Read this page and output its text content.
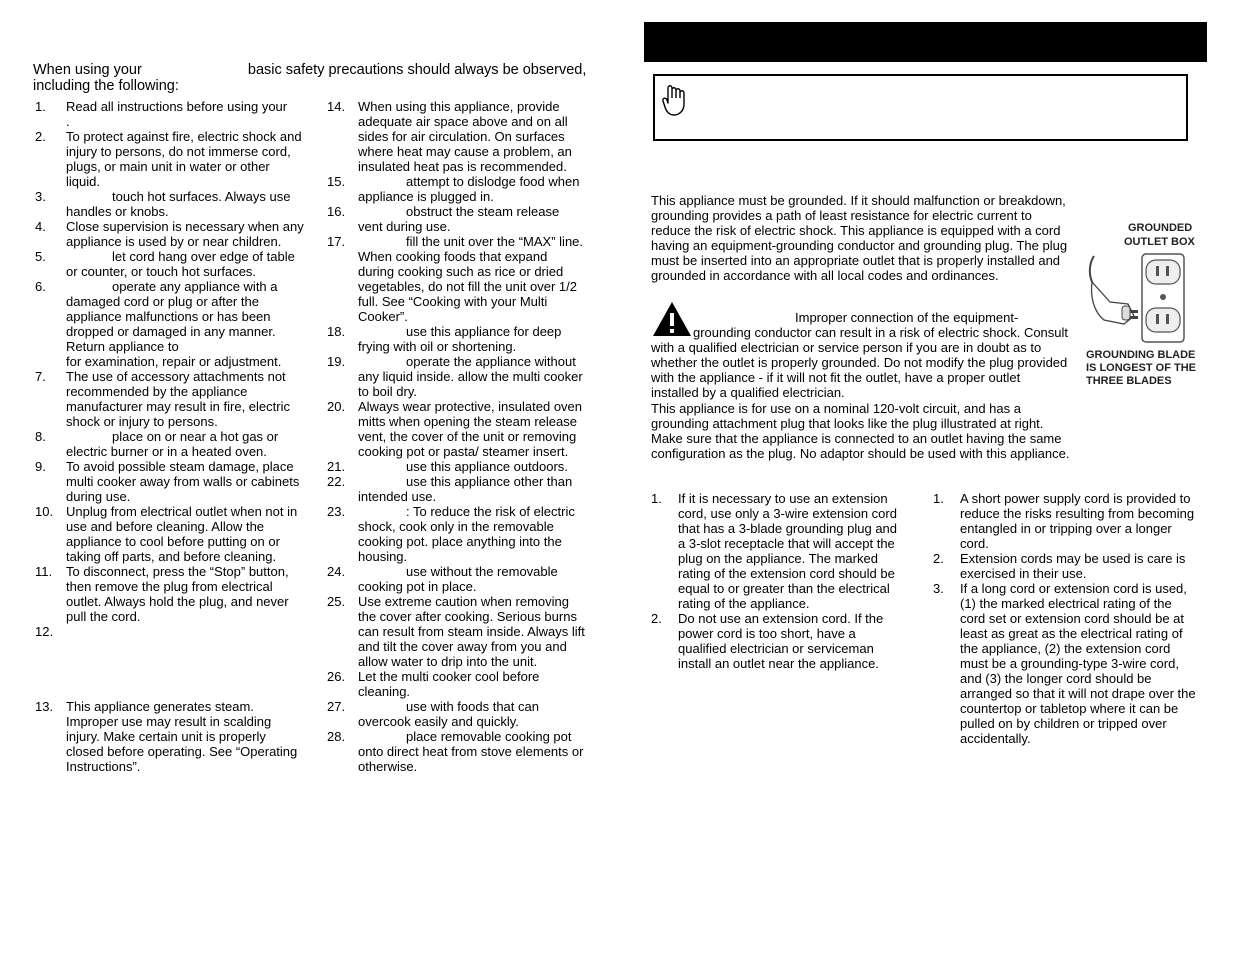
When using your	basic safety precautions should always be observed, including the following:
1. Read all instructions before using your
.
2. To protect against fire, electric shock and injury to persons, do not immerse cord, plugs, or main unit in water or other liquid.
3.	touch hot surfaces. Always use handles or knobs.
4. Close supervision is necessary when any appliance is used by or near children.
5.	let cord hang over edge of table or counter, or touch hot surfaces.
6.	operate any appliance with a damaged cord or plug or after the appliance malfunctions or has been dropped or damaged in any manner. Return appliance to
for examination, repair or adjustment.
7. The use of accessory attachments not recommended by the appliance manufacturer may result in fire, electric shock or injury to persons.
8.	place on or near a hot gas or electric burner or in a heated oven.
9. To avoid possible steam damage, place multi cooker away from walls or cabinets during use.
10. Unplug from electrical outlet when not in use and before cleaning. Allow the appliance to cool before putting on or taking off parts, and before cleaning.
11. To disconnect, press the “Stop” button, then remove the plug from electrical outlet. Always hold the plug, and never pull the cord.
12.

13. This appliance generates steam. Improper use may result in scalding injury. Make certain unit is properly closed before operating. See “Operating Instructions”.
14. When using this appliance, provide adequate air space above and on all sides for air circulation. On surfaces where heat may cause a problem, an insulated heat pas is recommended.
15.	attempt to dislodge food when appliance is plugged in.
16.	obstruct the steam release vent during use.
17.	fill the unit over the “MAX” line. When cooking foods that expand during cooking such as rice or dried vegetables, do not fill the unit over 1/2 full. See “Cooking with your Multi Cooker”.
18.	use this appliance for deep frying with oil or shortening.
19.	operate the appliance without any liquid inside. allow the multi cooker to boil dry.
20. Always wear protective, insulated oven mitts when opening the steam release vent, the cover of the unit or removing cooking pot or pasta/ steamer insert.
21.	use this appliance outdoors.
22.	use this appliance other than intended use.
23.	: To reduce the risk of electric shock, cook only in the removable cooking pot. place anything into the housing.
24.	use without the removable cooking pot in place.
25. Use extreme caution when removing the cover after cooking. Serious burns can result from steam inside. Always lift and tilt the cover away from you and allow water to drip into the unit.
26. Let the multi cooker cool before cleaning.
27.	use with foods that can overcook easily and quickly.
28.	place removable cooking pot onto direct heat from stove elements or otherwise.
This appliance must be grounded. If it should malfunction or breakdown, grounding provides a path of least resistance for electric current to reduce the risk of electric shock. This appliance is equipped with a cord having an equipment-grounding conductor and grounding plug. The plug must be inserted into an appropriate outlet that is properly installed and grounded in accordance with all local codes and ordinances.
Improper connection of the equipment-
grounding conductor can result in a risk of electric shock. Consult with a qualified electrician or service person if you are in doubt as to whether the outlet is properly grounded. Do not modify the plug provided with the appliance - if it will not fit the outlet, have a proper outlet installed by a qualified electrician.
This appliance is for use on a nominal 120-volt circuit, and has a grounding attachment plug that looks like the plug illustrated at right. Make sure that the appliance is connected to an outlet having the same configuration as the plug. No adaptor should be used with this appliance.
GROUNDED
OUTLET BOX
GROUNDING BLADE
IS LONGEST OF THE
THREE BLADES
1. If it is necessary to use an extension cord, use only a 3-wire extension cord that has a 3-blade grounding plug and a 3-slot receptacle that will accept the plug on the appliance. The marked rating of the extension cord should be equal to or greater than the electrical rating of the appliance.

2. Do not use an extension cord. If the power cord is too short, have a qualified electrician or serviceman install an outlet near the appliance.
1. A short power supply cord is provided to reduce the risks resulting from becoming entangled in or tripping over a longer cord.
2. Extension cords may be used is care is exercised in their use.
3. If a long cord or extension cord is used, (1) the marked electrical rating of the cord set or extension cord should be at least as great as the electrical rating of the appliance, (2) the extension cord must be a grounding-type 3-wire cord, and (3) the longer cord should be arranged so that it will not drape over the countertop or tabletop where it can be pulled on by children or tripped over accidentally.
